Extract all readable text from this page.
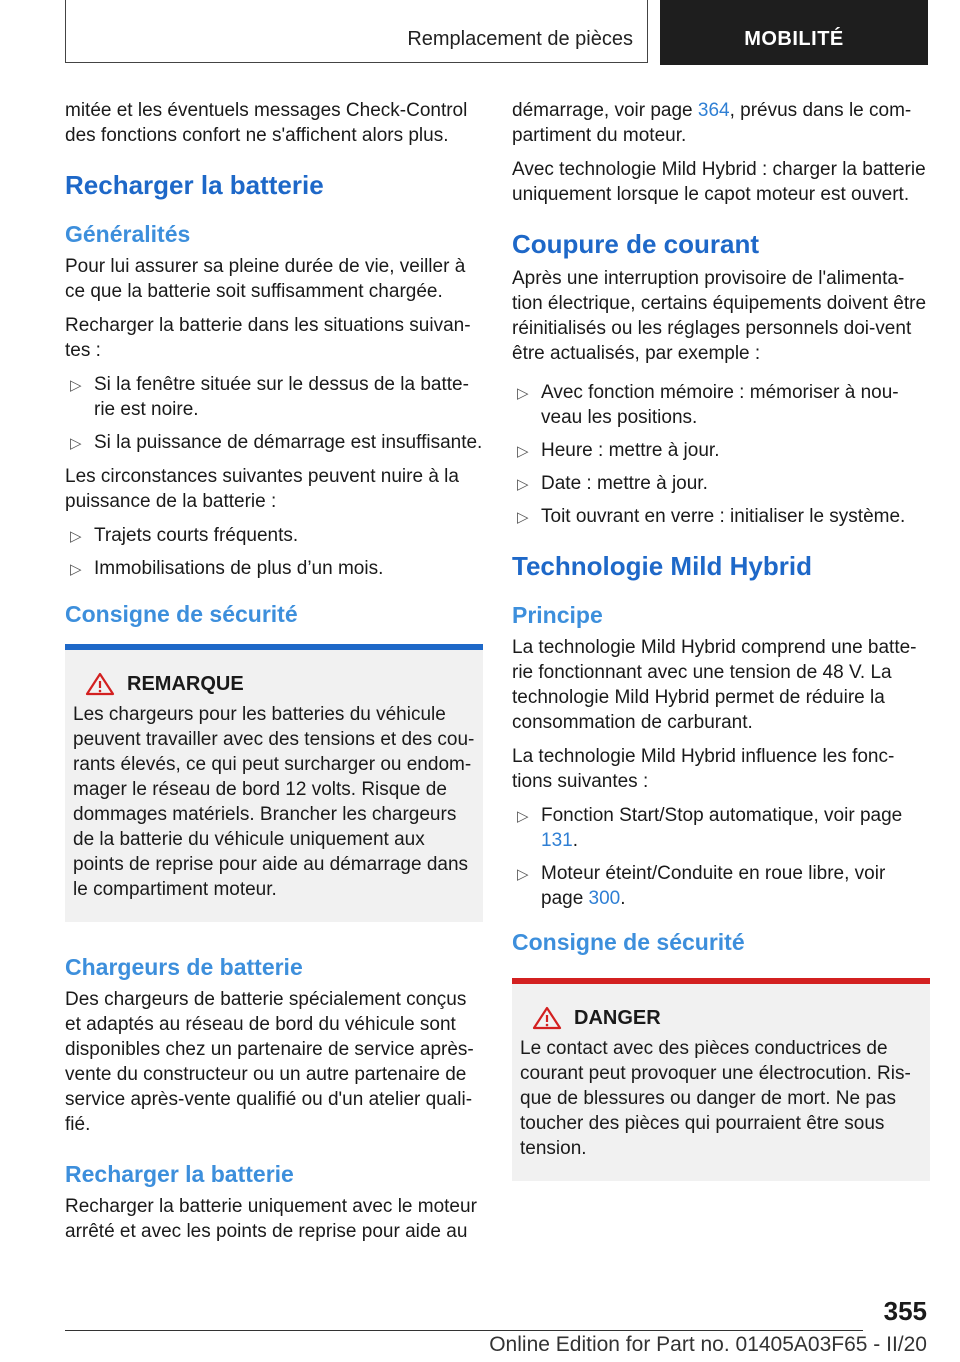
Remplacement de pièces	MOBILITÉ

mitée et les éventuels messages Check-Control des fonctions confort ne s'affichent alors plus.

Recharger la batterie
Généralités

Pour lui assurer sa pleine durée de vie, veiller à ce que la batterie soit suffisamment chargée.

Recharger la batterie dans les situations suivan-tes :

▷ Si la fenêtre située sur le dessus de la batte-rie est noire.
▷ Si la puissance de démarrage est insuffisante.

Les circonstances suivantes peuvent nuire à la puissance de la batterie :

▷ Trajets courts fréquents.
▷ Immobilisations de plus d’un mois.
Consigne de sécurité
REMARQUE

Les chargeurs pour les batteries du véhicule peuvent travailler avec des tensions et des cou-rants élevés, ce qui peut surcharger ou endom-mager le réseau de bord 12 volts. Risque de dommages matériels. Brancher les chargeurs de la batterie du véhicule uniquement aux points de reprise pour aide au démarrage dans le compartiment moteur.

Chargeurs de batterie

Des chargeurs de batterie spécialement conçus et adaptés au réseau de bord du véhicule sont disponibles chez un partenaire de service après-vente du constructeur ou un autre partenaire de service après-vente qualifié ou d'un atelier quali-fié.

Recharger la batterie

Recharger la batterie uniquement avec le moteur arrêté et avec les points de reprise pour aide au

démarrage, voir page 364, prévus dans le com-partiment du moteur.

Avec technologie Mild Hybrid : charger la batterie uniquement lorsque le capot moteur est ouvert.

Coupure de courant

Après une interruption provisoire de l'alimenta-tion électrique, certains équipements doivent être réinitialisés ou les réglages personnels doi-vent être actualisés, par exemple :

▷ Avec fonction mémoire : mémoriser à nou-veau les positions.
▷ Heure : mettre à jour.
▷ Date : mettre à jour.
▷ Toit ouvrant en verre : initialiser le système.
Technologie Mild Hybrid
Principe

La technologie Mild Hybrid comprend une batte-rie fonctionnant avec une tension de 48 V. La technologie Mild Hybrid permet de réduire la consommation de carburant.

La technologie Mild Hybrid influence les fonc-tions suivantes :

▷ Fonction Start/Stop automatique, voir page 131.
▷ Moteur éteint/Conduite en roue libre, voir page 300.
Consigne de sécurité
DANGER

Le contact avec des pièces conductrices de courant peut provoquer une électrocution. Ris-que de blessures ou danger de mort. Ne pas toucher des pièces qui pourraient être sous tension.

355
Online Edition for Part no. 01405A03F65 - II/20
